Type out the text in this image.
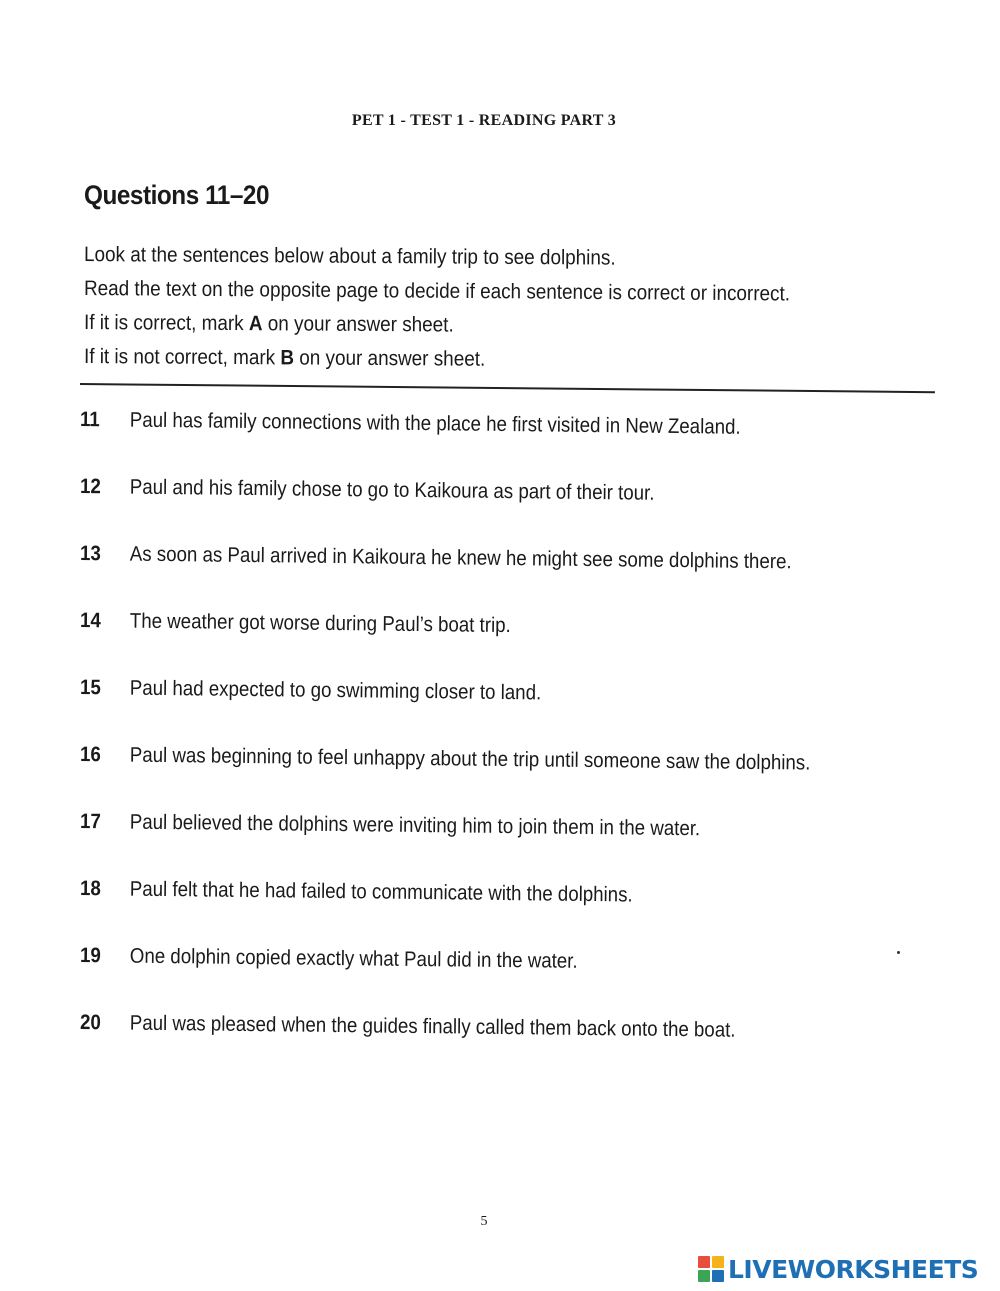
PET 1 - TEST 1 - READING PART 3
Questions 11–20
Look at the sentences below about a family trip to see dolphins.
Read the text on the opposite page to decide if each sentence is correct or incorrect.
If it is correct, mark A on your answer sheet.
If it is not correct, mark B on your answer sheet.
11 Paul has family connections with the place he first visited in New Zealand.
12 Paul and his family chose to go to Kaikoura as part of their tour.
13 As soon as Paul arrived in Kaikoura he knew he might see some dolphins there.
14 The weather got worse during Paul’s boat trip.
15 Paul had expected to go swimming closer to land.
16 Paul was beginning to feel unhappy about the trip until someone saw the dolphins.
17 Paul believed the dolphins were inviting him to join them in the water.
18 Paul felt that he had failed to communicate with the dolphins.
19 One dolphin copied exactly what Paul did in the water.
20 Paul was pleased when the guides finally called them back onto the boat.
5
LIVEWORKSHEETS
